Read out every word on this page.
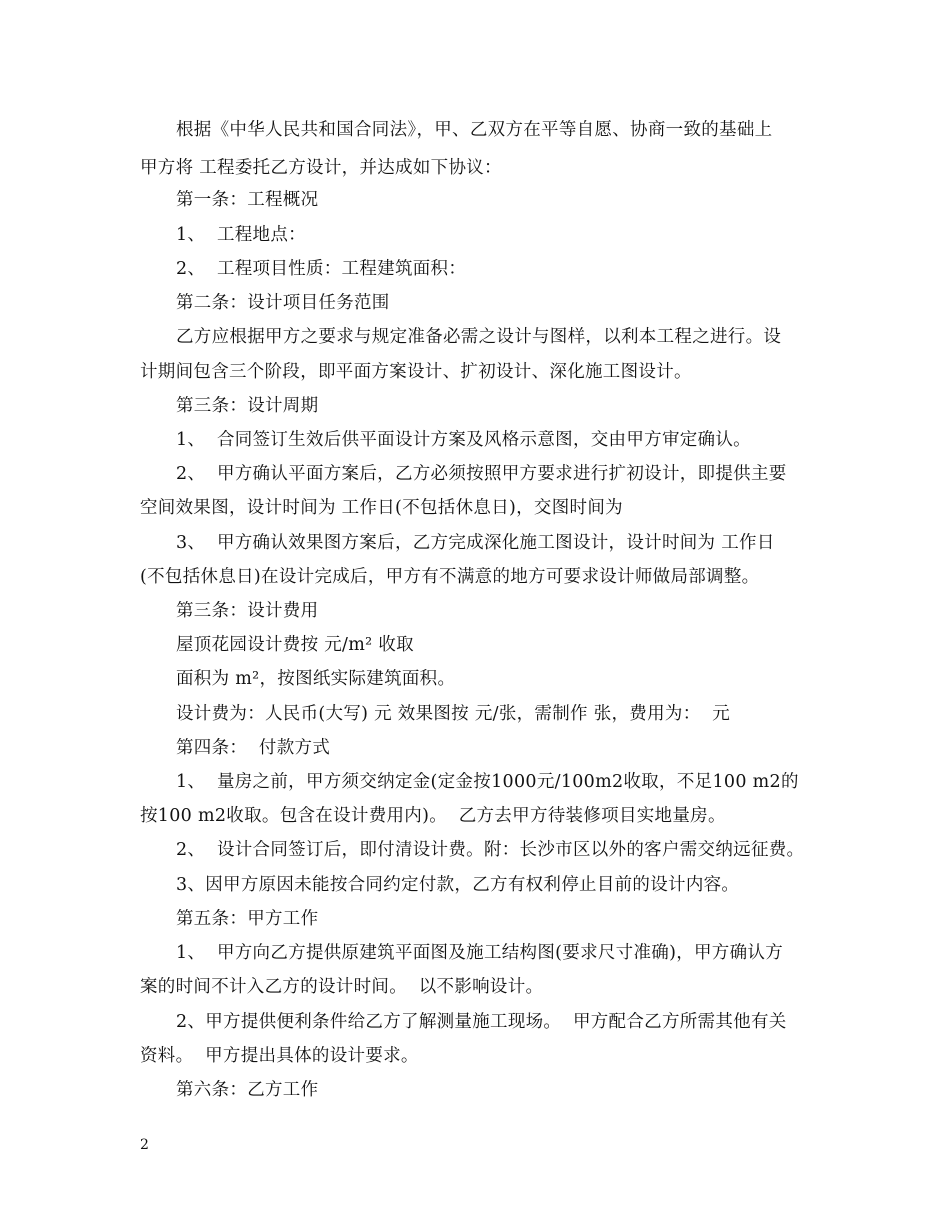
根据《中华人民共和国合同法》，甲、乙双方在平等自愿、协商一致的基础上
甲方将 工程委托乙方设计，并达成如下协议：
第一条：工程概况
1、  工程地点：
2、  工程项目性质：工程建筑面积：
第二条：设计项目任务范围
乙方应根据甲方之要求与规定准备必需之设计与图样，以利本工程之进行。设
计期间包含三个阶段，即平面方案设计、扩初设计、深化施工图设计。
第三条：设计周期
1、  合同签订生效后供平面设计方案及风格示意图，交由甲方审定确认。
2、  甲方确认平面方案后，乙方必须按照甲方要求进行扩初设计，即提供主要
空间效果图，设计时间为 工作日(不包括休息日)，交图时间为
3、  甲方确认效果图方案后，乙方完成深化施工图设计，设计时间为 工作日
(不包括休息日)在设计完成后，甲方有不满意的地方可要求设计师做局部调整。
第三条：设计费用
屋顶花园设计费按 元/m² 收取
面积为 m²，按图纸实际建筑面积。
设计费为：人民币(大写) 元 效果图按 元/张，需制作 张，费用为：  元
第四条：  付款方式
1、  量房之前，甲方须交纳定金(定金按1000元/100m2收取，不足100 m2的
按100 m2收取。包含在设计费用内)。  乙方去甲方待装修项目实地量房。
2、  设计合同签订后，即付清设计费。附：长沙市区以外的客户需交纳远征费。
3、因甲方原因未能按合同约定付款，乙方有权利停止目前的设计内容。
第五条：甲方工作
1、  甲方向乙方提供原建筑平面图及施工结构图(要求尺寸准确)，甲方确认方
案的时间不计入乙方的设计时间。  以不影响设计。
2、甲方提供便利条件给乙方了解测量施工现场。  甲方配合乙方所需其他有关
资料。  甲方提出具体的设计要求。
第六条：乙方工作
2
